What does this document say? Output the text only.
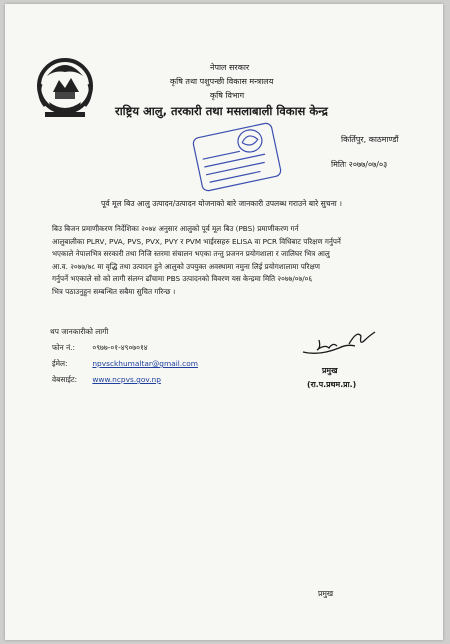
नेपाल सरकार
कृषि तथा पशुपन्छी विकास मन्त्रालय
कृषि विभाग
राष्ट्रिय आलु, तरकारी तथा मसलाबाली विकास केन्द्र
किर्तिपुर, काठमाण्डौं
मितिः २०७७/०७/०३
पूर्व मूल बिउ आलु उत्पादन/उत्पादन योजनाको बारे जानकारी उपलब्ध गराउने बारे सुचना ।
बिउ बिजन प्रमाणीकरण निर्देशिका २०७४ अनुसार आलुको पूर्व मूल बिउ (PBS) प्रमाणीकरण गर्न
आलुबालीका PLRV, PVA, PVS, PVX, PVY र PVM भाईरसहरु ELISA वा PCR विधिबाट परिक्षण गर्नुपर्ने
भएकाले नेपालभित्र सरकारी तथा निजि स्तरमा संचालन भएका तन्तु प्रजनन प्रयोगशाला र जालिघर भित्र आलु
आ.व. २०७७/७८ मा वृद्धि तथा उत्पादन हुने आलुको उपयुक्त अवस्थामा नमुना लिई प्रयोगशालामा परिक्षण
गर्नुपर्ने भएकाले सो को लागी संलग्न ढाँचामा PBS उत्पादनको विवरण यस केन्द्रमा मिति २०७७/०७/०६
भित्र पठाउनुहुन सम्बन्धित सबैमा सुचित गरिन्छ ।
थप जानकारीको लागी
फोन नं.: ०९७७-०१-४९०७०१४
ईमेल:	npvsckhumaltar@gmail.com
वेबसाईट: www.ncpvs.gov.np
प्रमुख
(रा.प.प्रथम.प्रा.)
प्रमुख
